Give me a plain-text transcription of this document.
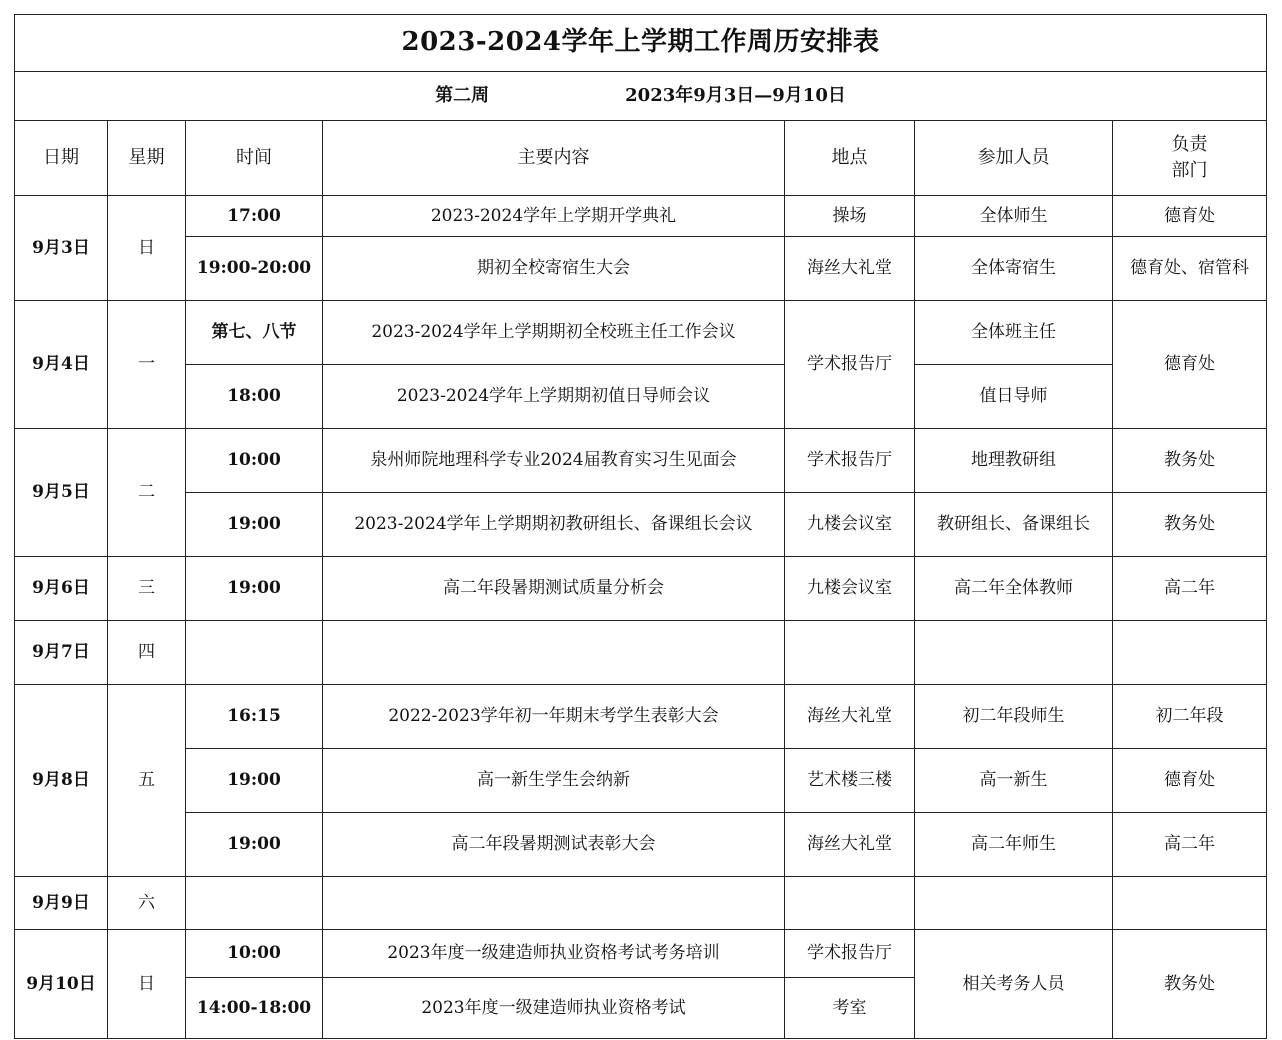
2023-2024学年上学期工作周历安排表						
第二周 2023年9月3日—9月10日						
日期	星期	时间	主要内容	地点	参加人员	负责
部门
9月3日	日	17:00	2023-2024学年上学期开学典礼	操场	全体师生	德育处
		19:00-20:00	期初全校寄宿生大会	海丝大礼堂	全体寄宿生	德育处、宿管科
9月4日	一	第七、八节	2023-2024学年上学期期初全校班主任工作会议	学术报告厅	全体班主任	德育处
		18:00	2023-2024学年上学期期初值日导师会议		值日导师	
9月5日	二	10:00	泉州师院地理科学专业2024届教育实习生见面会	学术报告厅	地理教研组	教务处
		19:00	2023-2024学年上学期期初教研组长、备课组长会议	九楼会议室	教研组长、备课组长	教务处
9月6日	三	19:00	高二年段暑期测试质量分析会	九楼会议室	高二年全体教师	高二年
9月7日	四					
9月8日	五	16:15	2022-2023学年初一年期末考学生表彰大会	海丝大礼堂	初二年段师生	初二年段
		19:00	高一新生学生会纳新	艺术楼三楼	高一新生	德育处
		19:00	高二年段暑期测试表彰大会	海丝大礼堂	高二年师生	高二年
9月9日	六					
9月10日	日	10:00	2023年度一级建造师执业资格考试考务培训	学术报告厅	相关考务人员	教务处
		14:00-18:00	2023年度一级建造师执业资格考试	考室		
